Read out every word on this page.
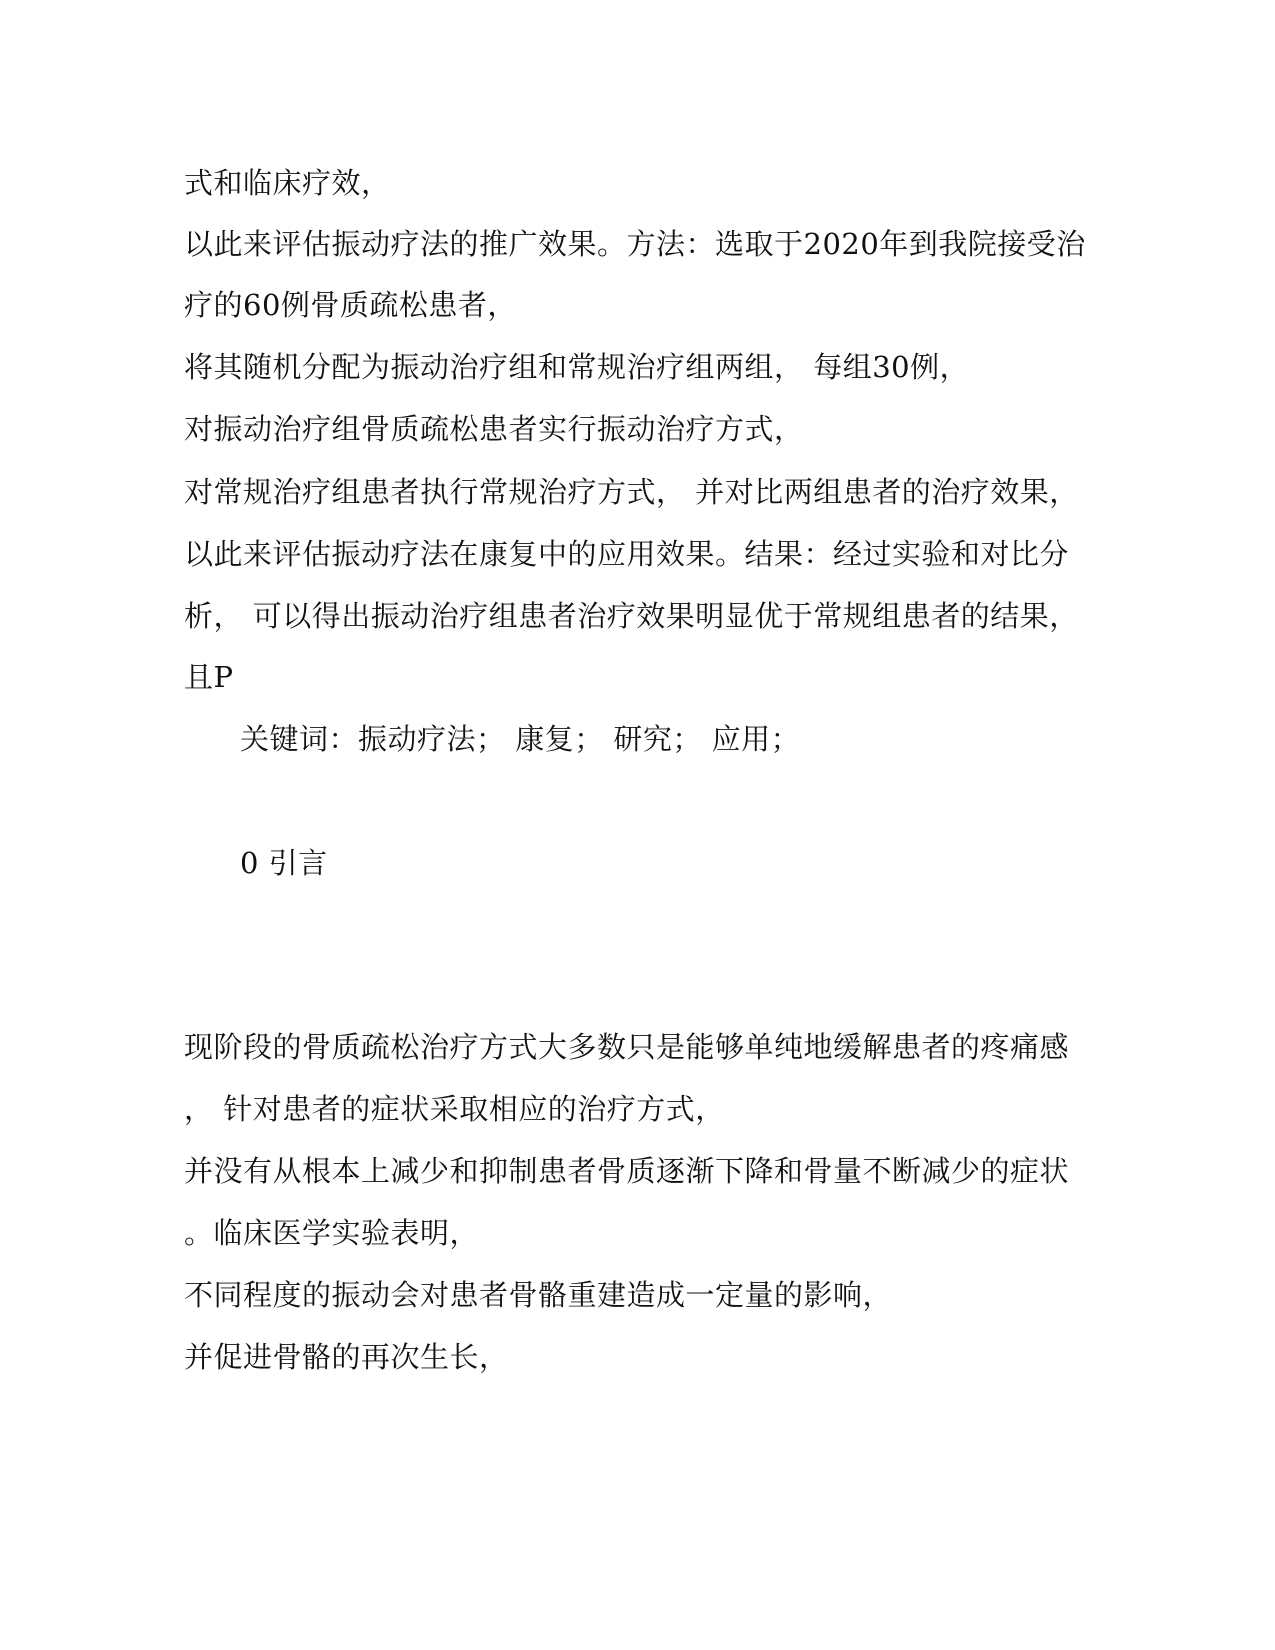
式和临床疗效，
以此来评估振动疗法的推广效果。方法：选取于2020年到我院接受治
疗的60例骨质疏松患者，
将其随机分配为振动治疗组和常规治疗组两组， 每组30例，
对振动治疗组骨质疏松患者实行振动治疗方式，
对常规治疗组患者执行常规治疗方式， 并对比两组患者的治疗效果，
以此来评估振动疗法在康复中的应用效果。结果：经过实验和对比分
析， 可以得出振动治疗组患者治疗效果明显优于常规组患者的结果，
且P
关键词：振动疗法； 康复； 研究； 应用；
0 引言
现阶段的骨质疏松治疗方式大多数只是能够单纯地缓解患者的疼痛感
， 针对患者的症状采取相应的治疗方式，
并没有从根本上减少和抑制患者骨质逐渐下降和骨量不断减少的症状
。临床医学实验表明，
不同程度的振动会对患者骨骼重建造成一定量的影响，
并促进骨骼的再次生长，
